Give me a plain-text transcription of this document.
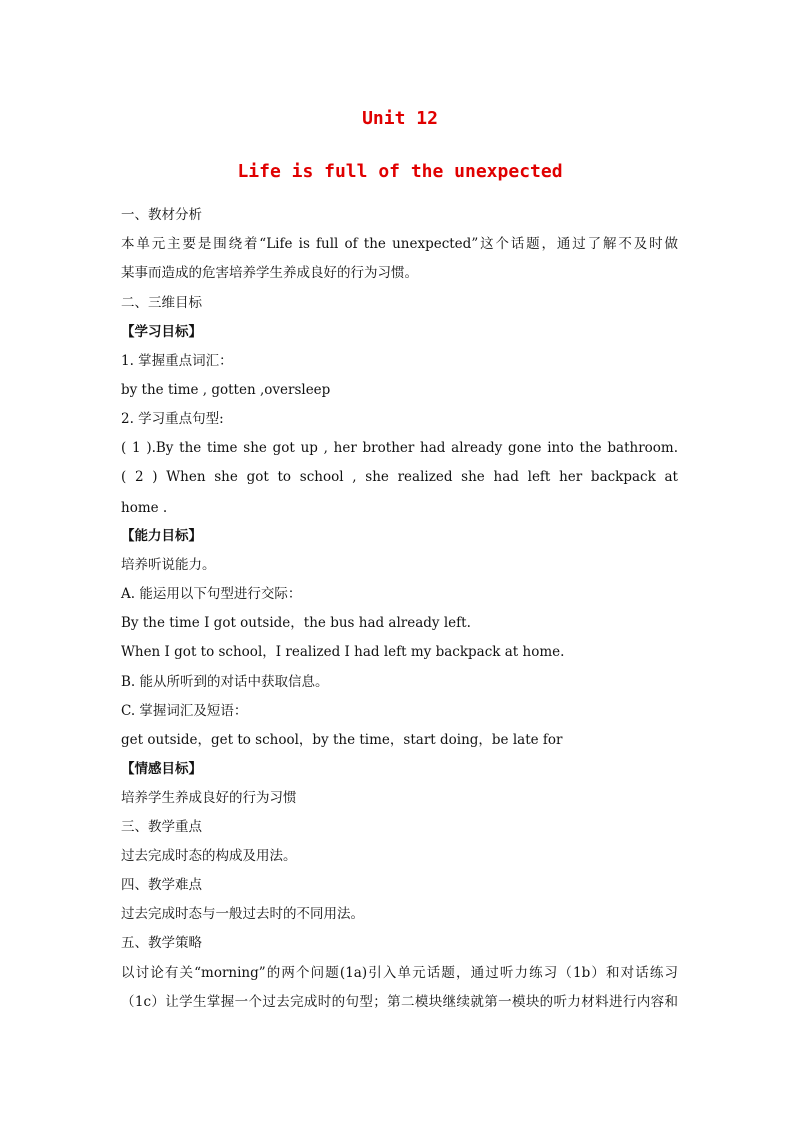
Unit 12
Life is full of the unexpected
一、教材分析
本单元主要是围绕着“Life is full of the unexpected”这个话题，通过了解不及时做
某事而造成的危害培养学生养成良好的行为习惯。
二、三维目标
【学习目标】
1. 掌握重点词汇：
by the time , gotten ,oversleep
2. 学习重点句型:
( 1 ).By the time she got up , her brother had already gone into the bathroom.
( 2 ) When she got to school , she realized she had left her backpack at
home .
【能力目标】
培养听说能力。
A. 能运用以下句型进行交际：
By the time I got outside，the bus had already left.
When I got to school，I realized I had left my backpack at home.
B. 能从所听到的对话中获取信息。
C. 掌握词汇及短语：
get outside，get to school，by the time，start doing，be late for
【情感目标】
培养学生养成良好的行为习惯
三、教学重点
过去完成时态的构成及用法。
四、教学难点
过去完成时态与一般过去时的不同用法。
五、教学策略
以讨论有关“morning”的两个问题(1a)引入单元话题，通过听力练习（1b）和对话练习
（1c）让学生掌握一个过去完成时的句型；第二模块继续就第一模块的听力材料进行内容和
